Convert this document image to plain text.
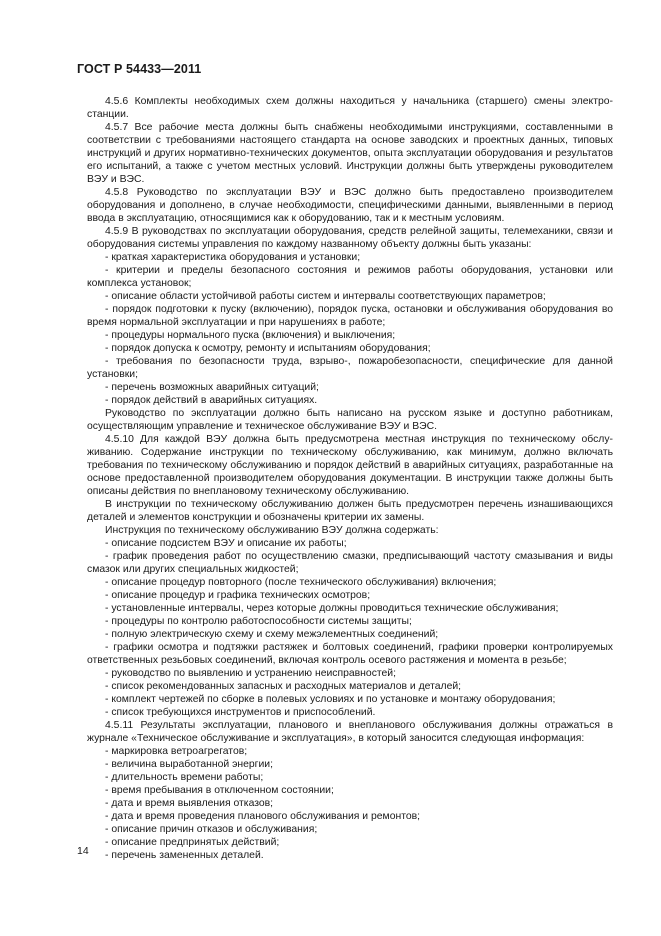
ГОСТ Р 54433—2011

4.5.6 Комплекты необходимых схем должны находиться у начальника (старшего) смены электростанции.

4.5.7 Все рабочие места должны быть снабжены необходимыми инструкциями, составленными в соответствии с требованиями настоящего стандарта на основе заводских и проектных данных, типовых инструкций и других нормативно-технических документов, опыта эксплуатации оборудования и результатов его испытаний, а также с учетом местных условий. Инструкции должны быть утверждены руководителем ВЭУ и ВЭС.

4.5.8 Руководство по эксплуатации ВЭУ и ВЭС должно быть предоставлено производителем оборудования и дополнено, в случае необходимости, специфическими данными, выявленными в период ввода в эксплуатацию, относящимися как к оборудованию, так и к местным условиям.

4.5.9 В руководствах по эксплуатации оборудования, средств релейной защиты, телемеханики, связи и оборудования системы управления по каждому названному объекту должны быть указаны:

- краткая характеристика оборудования и установки;

- критерии и пределы безопасного состояния и режимов работы оборудования, установки или комплекса установок;

- описание области устойчивой работы систем и интервалы соответствующих параметров;

- порядок подготовки к пуску (включению), порядок пуска, остановки и обслуживания оборудования во время нормальной эксплуатации и при нарушениях в работе;

- процедуры нормального пуска (включения) и выключения;

- порядок допуска к осмотру, ремонту и испытаниям оборудования;

- требования по безопасности труда, взрыво-, пожаробезопасности, специфические для данной установки;

- перечень возможных аварийных ситуаций;

- порядок действий в аварийных ситуациях.

Руководство по эксплуатации должно быть написано на русском языке и доступно работникам, осуществляющим управление и техническое обслуживание ВЭУ и ВЭС.

4.5.10 Для каждой ВЭУ должна быть предусмотрена местная инструкция по техническому обслуживанию. Содержание инструкции по техническому обслуживанию, как минимум, должно включать требования по техническому обслуживанию и порядок действий в аварийных ситуациях, разработанные на основе предоставленной производителем оборудования документации. В инструкции также должны быть описаны действия по внеплановому техническому обслуживанию.

В инструкции по техническому обслуживанию должен быть предусмотрен перечень изнашивающихся деталей и элементов конструкции и обозначены критерии их замены.

Инструкция по техническому обслуживанию ВЭУ должна содержать:

- описание подсистем ВЭУ и описание их работы;

- график проведения работ по осуществлению смазки, предписывающий частоту смазывания и виды смазок или других специальных жидкостей;

- описание процедур повторного (после технического обслуживания) включения;

- описание процедур и графика технических осмотров;

- установленные интервалы, через которые должны проводиться технические обслуживания;

- процедуры по контролю работоспособности системы защиты;

- полную электрическую схему и схему межэлементных соединений;

- графики осмотра и подтяжки растяжек и болтовых соединений, графики проверки контролируемых ответственных резьбовых соединений, включая контроль осевого растяжения и момента в резьбе;

- руководство по выявлению и устранению неисправностей;

- список рекомендованных запасных и расходных материалов и деталей;

- комплект чертежей по сборке в полевых условиях и по установке и монтажу оборудования;

- список требующихся инструментов и приспособлений.

4.5.11 Результаты эксплуатации, планового и внепланового обслуживания должны отражаться в журнале «Техническое обслуживание и эксплуатация», в который заносится следующая информация:

- маркировка ветроагрегатов;

- величина выработанной энергии;

- длительность времени работы;

- время пребывания в отключенном состоянии;

- дата и время выявления отказов;

- дата и время проведения планового обслуживания и ремонтов;

- описание причин отказов и обслуживания;

- описание предпринятых действий;

- перечень замененных деталей.

14
